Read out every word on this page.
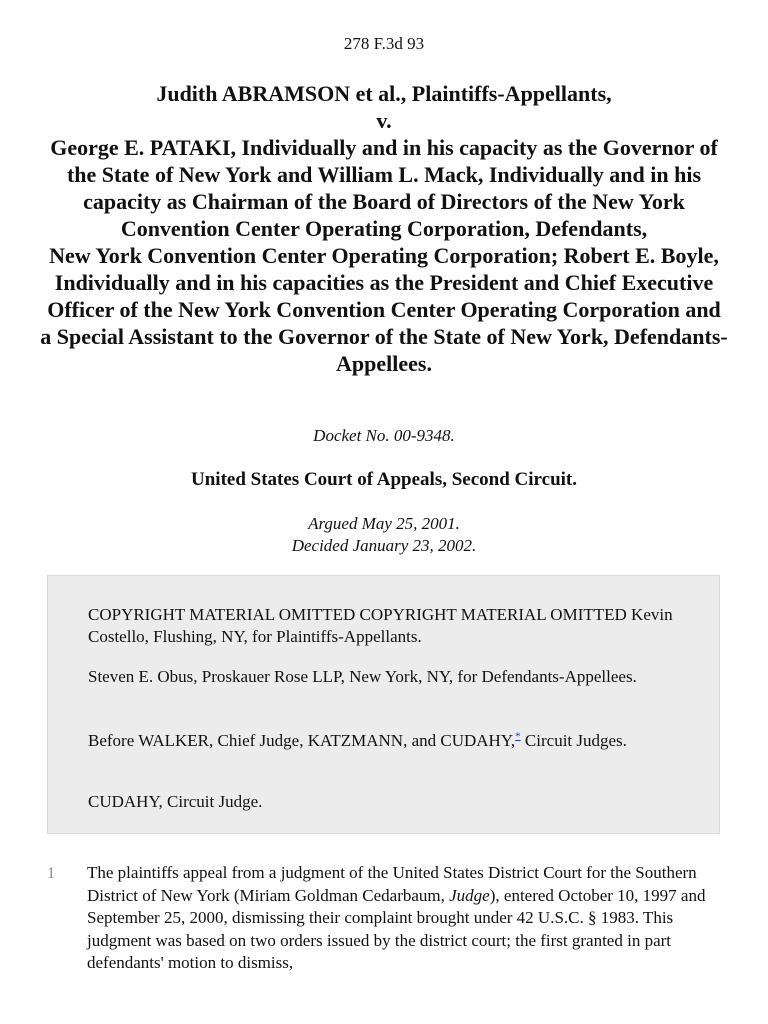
278 F.3d 93
Judith ABRAMSON et al., Plaintiffs-Appellants,
v.
George E. PATAKI, Individually and in his capacity as the Governor of the State of New York and William L. Mack, Individually and in his capacity as Chairman of the Board of Directors of the New York Convention Center Operating Corporation, Defendants,
New York Convention Center Operating Corporation; Robert E. Boyle, Individually and in his capacities as the President and Chief Executive Officer of the New York Convention Center Operating Corporation and a Special Assistant to the Governor of the State of New York, Defendants-Appellees.
Docket No. 00-9348.
United States Court of Appeals, Second Circuit.
Argued May 25, 2001.
Decided January 23, 2002.

COPYRIGHT MATERIAL OMITTED COPYRIGHT MATERIAL OMITTED Kevin Costello, Flushing, NY, for Plaintiffs-Appellants.

Steven E. Obus, Proskauer Rose LLP, New York, NY, for Defendants-Appellees.

Before WALKER, Chief Judge, KATZMANN, and CUDAHY,* Circuit Judges.

CUDAHY, Circuit Judge.

1 The plaintiffs appeal from a judgment of the United States District Court for the Southern District of New York (Miriam Goldman Cedarbaum, Judge), entered October 10, 1997 and September 25, 2000, dismissing their complaint brought under 42 U.S.C. § 1983. This judgment was based on two orders issued by the district court; the first granted in part defendants' motion to dismiss,
